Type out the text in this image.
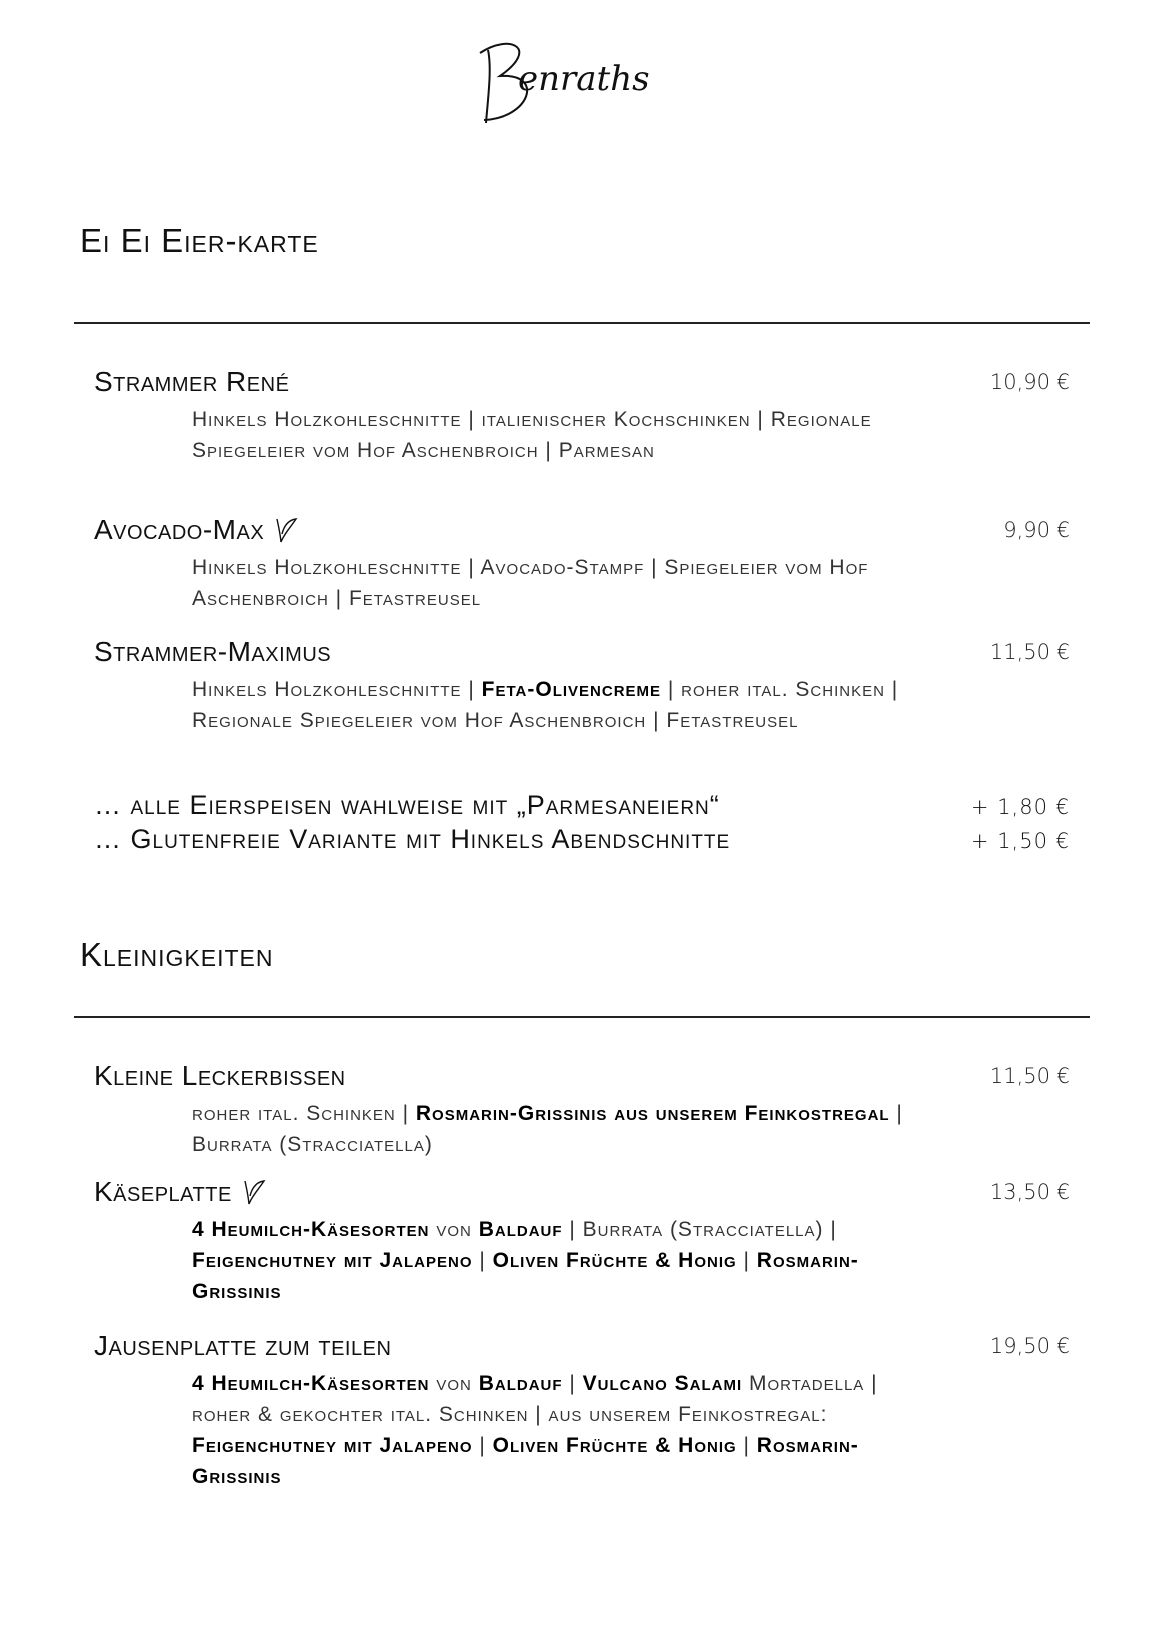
enraths
Ei Ei Eier-karte
Strammer René	10,90 €
Hinkels Holzkohleschnitte | italienischer Kochschinken | Regionale Spiegeleier vom Hof Aschenbroich | Parmesan
Avocado-Max	9,90 €
Hinkels Holzkohleschnitte | Avocado-Stampf | Spiegeleier vom Hof Aschenbroich | Fetastreusel
Strammer-Maximus	11,50 €
Hinkels Holzkohleschnitte | Feta-Olivencreme | roher ital. Schinken | Regionale Spiegeleier vom Hof Aschenbroich | Fetastreusel
… alle Eierspeisen wahlweise mit „Parmesaneiern“	+ 1,80 €
… Glutenfreie Variante mit Hinkels Abendschnitte	+ 1,50 €
Kleinigkeiten
Kleine Leckerbissen	11,50 €
roher ital. Schinken | Rosmarin-Grissinis aus unserem Feinkostregal | Burrata (Stracciatella)
Käseplatte	13,50 €
4 Heumilch-Käsesorten von Baldauf | Burrata (Stracciatella) | Feigenchutney mit Jalapeno | Oliven Früchte & Honig | Rosmarin-Grissinis
Jausenplatte zum teilen	19,50 €
4 Heumilch-Käsesorten von Baldauf | Vulcano Salami Mortadella | roher & gekochter ital. Schinken | aus unserem Feinkostregal: Feigenchutney mit Jalapeno | Oliven Früchte & Honig | Rosmarin-Grissinis
